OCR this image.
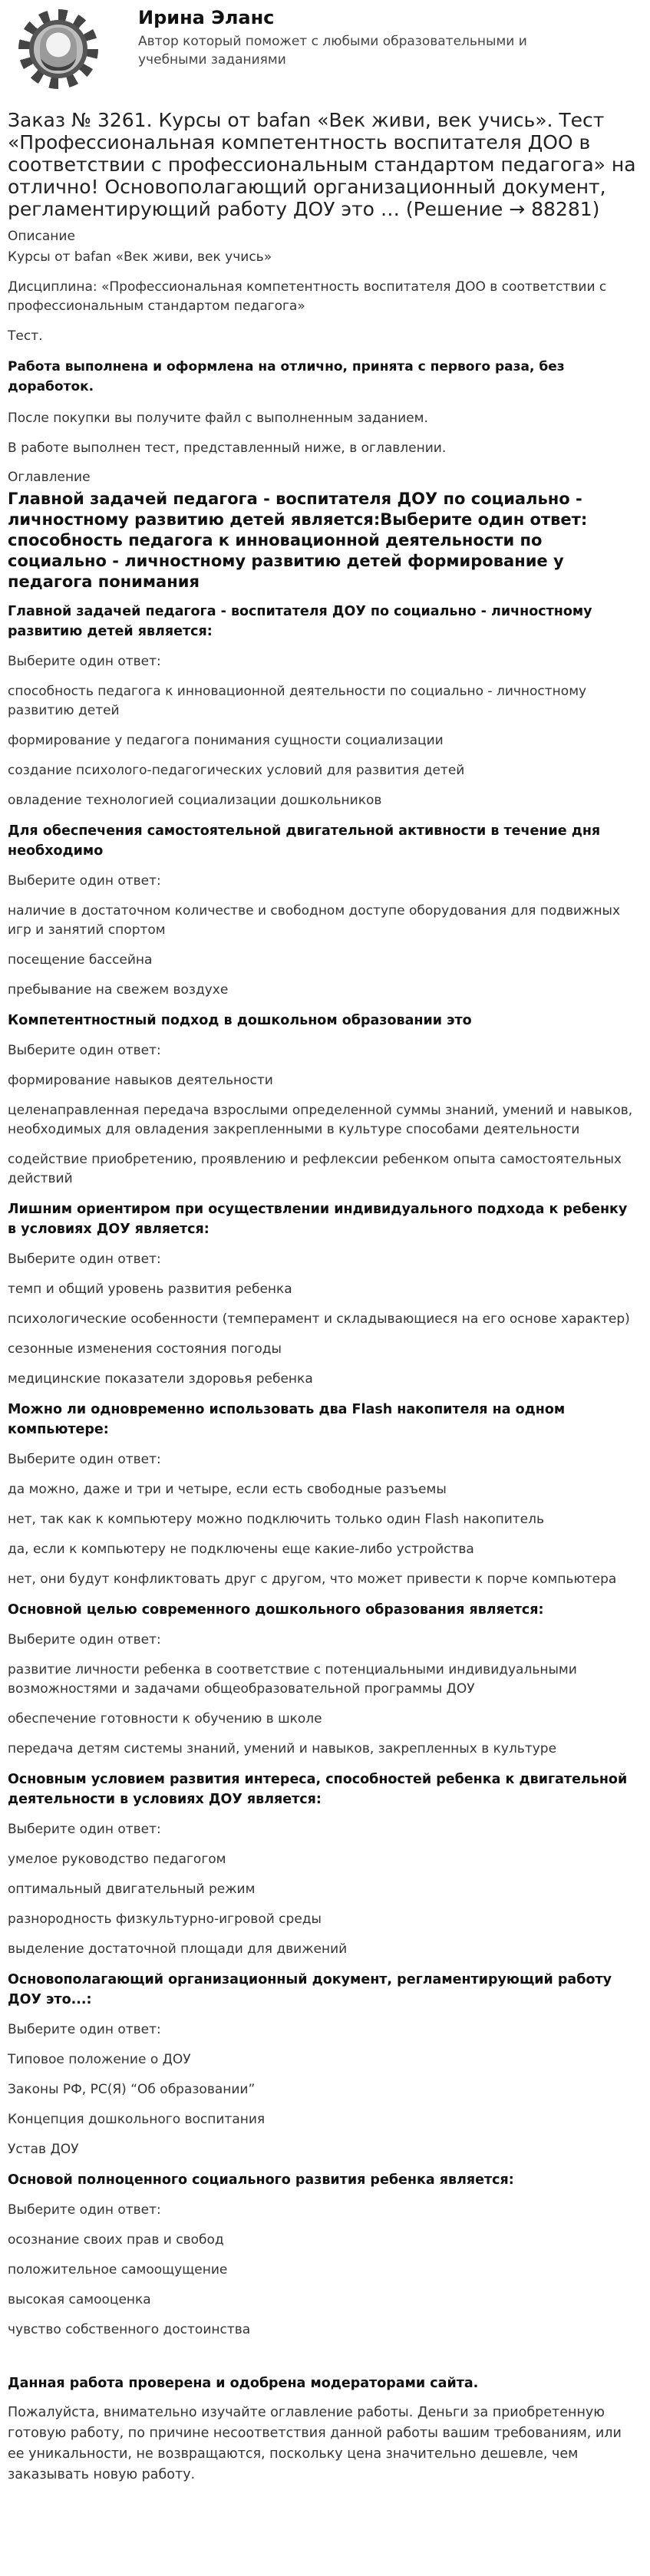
Ирина Эланс
Автор который поможет с любыми образовательными и учебными заданиями
Заказ № 3261. Курсы от bafan «Век живи, век учись». Тест «Профессиональная компетентность воспитателя ДОО в соответствии с профессиональным стандартом педагога» на отлично! Основополагающий организационный документ, регламентирующий работу ДОУ это … (Решение → 88281)
Описание
Курсы от bafan «Век живи, век учись»
Дисциплина: «Профессиональная компетентность воспитателя ДОО в соответствии с профессиональным стандартом педагога»
Тест.
Работа выполнена и оформлена на отлично, принята с первого раза, без доработок.
После покупки вы получите файл с выполненным заданием.
В работе выполнен тест, представленный ниже, в оглавлении.
Оглавление
Главной задачей педагога - воспитателя ДОУ по социально - личностному развитию детей является:Выберите один ответ: способность педагога к инновационной деятельности по социально - личностному развитию детей формирование у педагога понимания
Главной задачей педагога - воспитателя ДОУ по социально - личностному развитию детей является:
Выберите один ответ:
способность педагога к инновационной деятельности по социально - личностному развитию детей
формирование у педагога понимания сущности социализации
создание психолого-педагогических условий для развития детей
овладение технологией социализации дошкольников
Для обеспечения самостоятельной двигательной активности в течение дня необходимо
Выберите один ответ:
наличие в достаточном количестве и свободном доступе оборудования для подвижных игр и занятий спортом
посещение бассейна
пребывание на свежем воздухе
Компетентностный подход в дошкольном образовании это
Выберите один ответ:
формирование навыков деятельности
целенаправленная передача взрослыми определенной суммы знаний, умений и навыков, необходимых для овладения закрепленными в культуре способами деятельности
содействие приобретению, проявлению и рефлексии ребенком опыта самостоятельных действий
Лишним ориентиром при осуществлении индивидуального подхода к ребенку в условиях ДОУ является:
Выберите один ответ:
темп и общий уровень развития ребенка
психологические особенности (темперамент и складывающиеся на его основе характер)
сезонные изменения состояния погоды
медицинские показатели здоровья ребенка
Можно ли одновременно использовать два Flash накопителя на одном компьютере:
Выберите один ответ:
да можно, даже и три и четыре, если есть свободные разъемы
нет, так как к компьютеру можно подключить только один Flash накопитель
да, если к компьютеру не подключены еще какие-либо устройства
нет, они будут конфликтовать друг с другом, что может привести к порче компьютера
Основной целью современного дошкольного образования является:
Выберите один ответ:
развитие личности ребенка в соответствие с потенциальными индивидуальными возможностями и задачами общеобразовательной программы ДОУ
обеспечение готовности к обучению в школе
передача детям системы знаний, умений и навыков, закрепленных в культуре
Основным условием развития интереса, способностей ребенка к двигательной деятельности в условиях ДОУ является:
Выберите один ответ:
умелое руководство педагогом
оптимальный двигательный режим
разнородность физкультурно-игровой среды
выделение достаточной площади для движений
Основополагающий организационный документ, регламентирующий работу ДОУ это...:
Выберите один ответ:
Типовое положение о ДОУ
Законы РФ, РС(Я) “Об образовании”
Концепция дошкольного воспитания
Устав ДОУ
Основой полноценного социального развития ребенка является:
Выберите один ответ:
осознание своих прав и свобод
положительное самоощущение
высокая самооценка
чувство собственного достоинства
Данная работа проверена и одобрена модераторами сайта.
Пожалуйста, внимательно изучайте оглавление работы. Деньги за приобретенную готовую работу, по причине несоответствия данной работы вашим требованиям, или ее уникальности, не возвращаются, поскольку цена значительно дешевле, чем заказывать новую работу.
